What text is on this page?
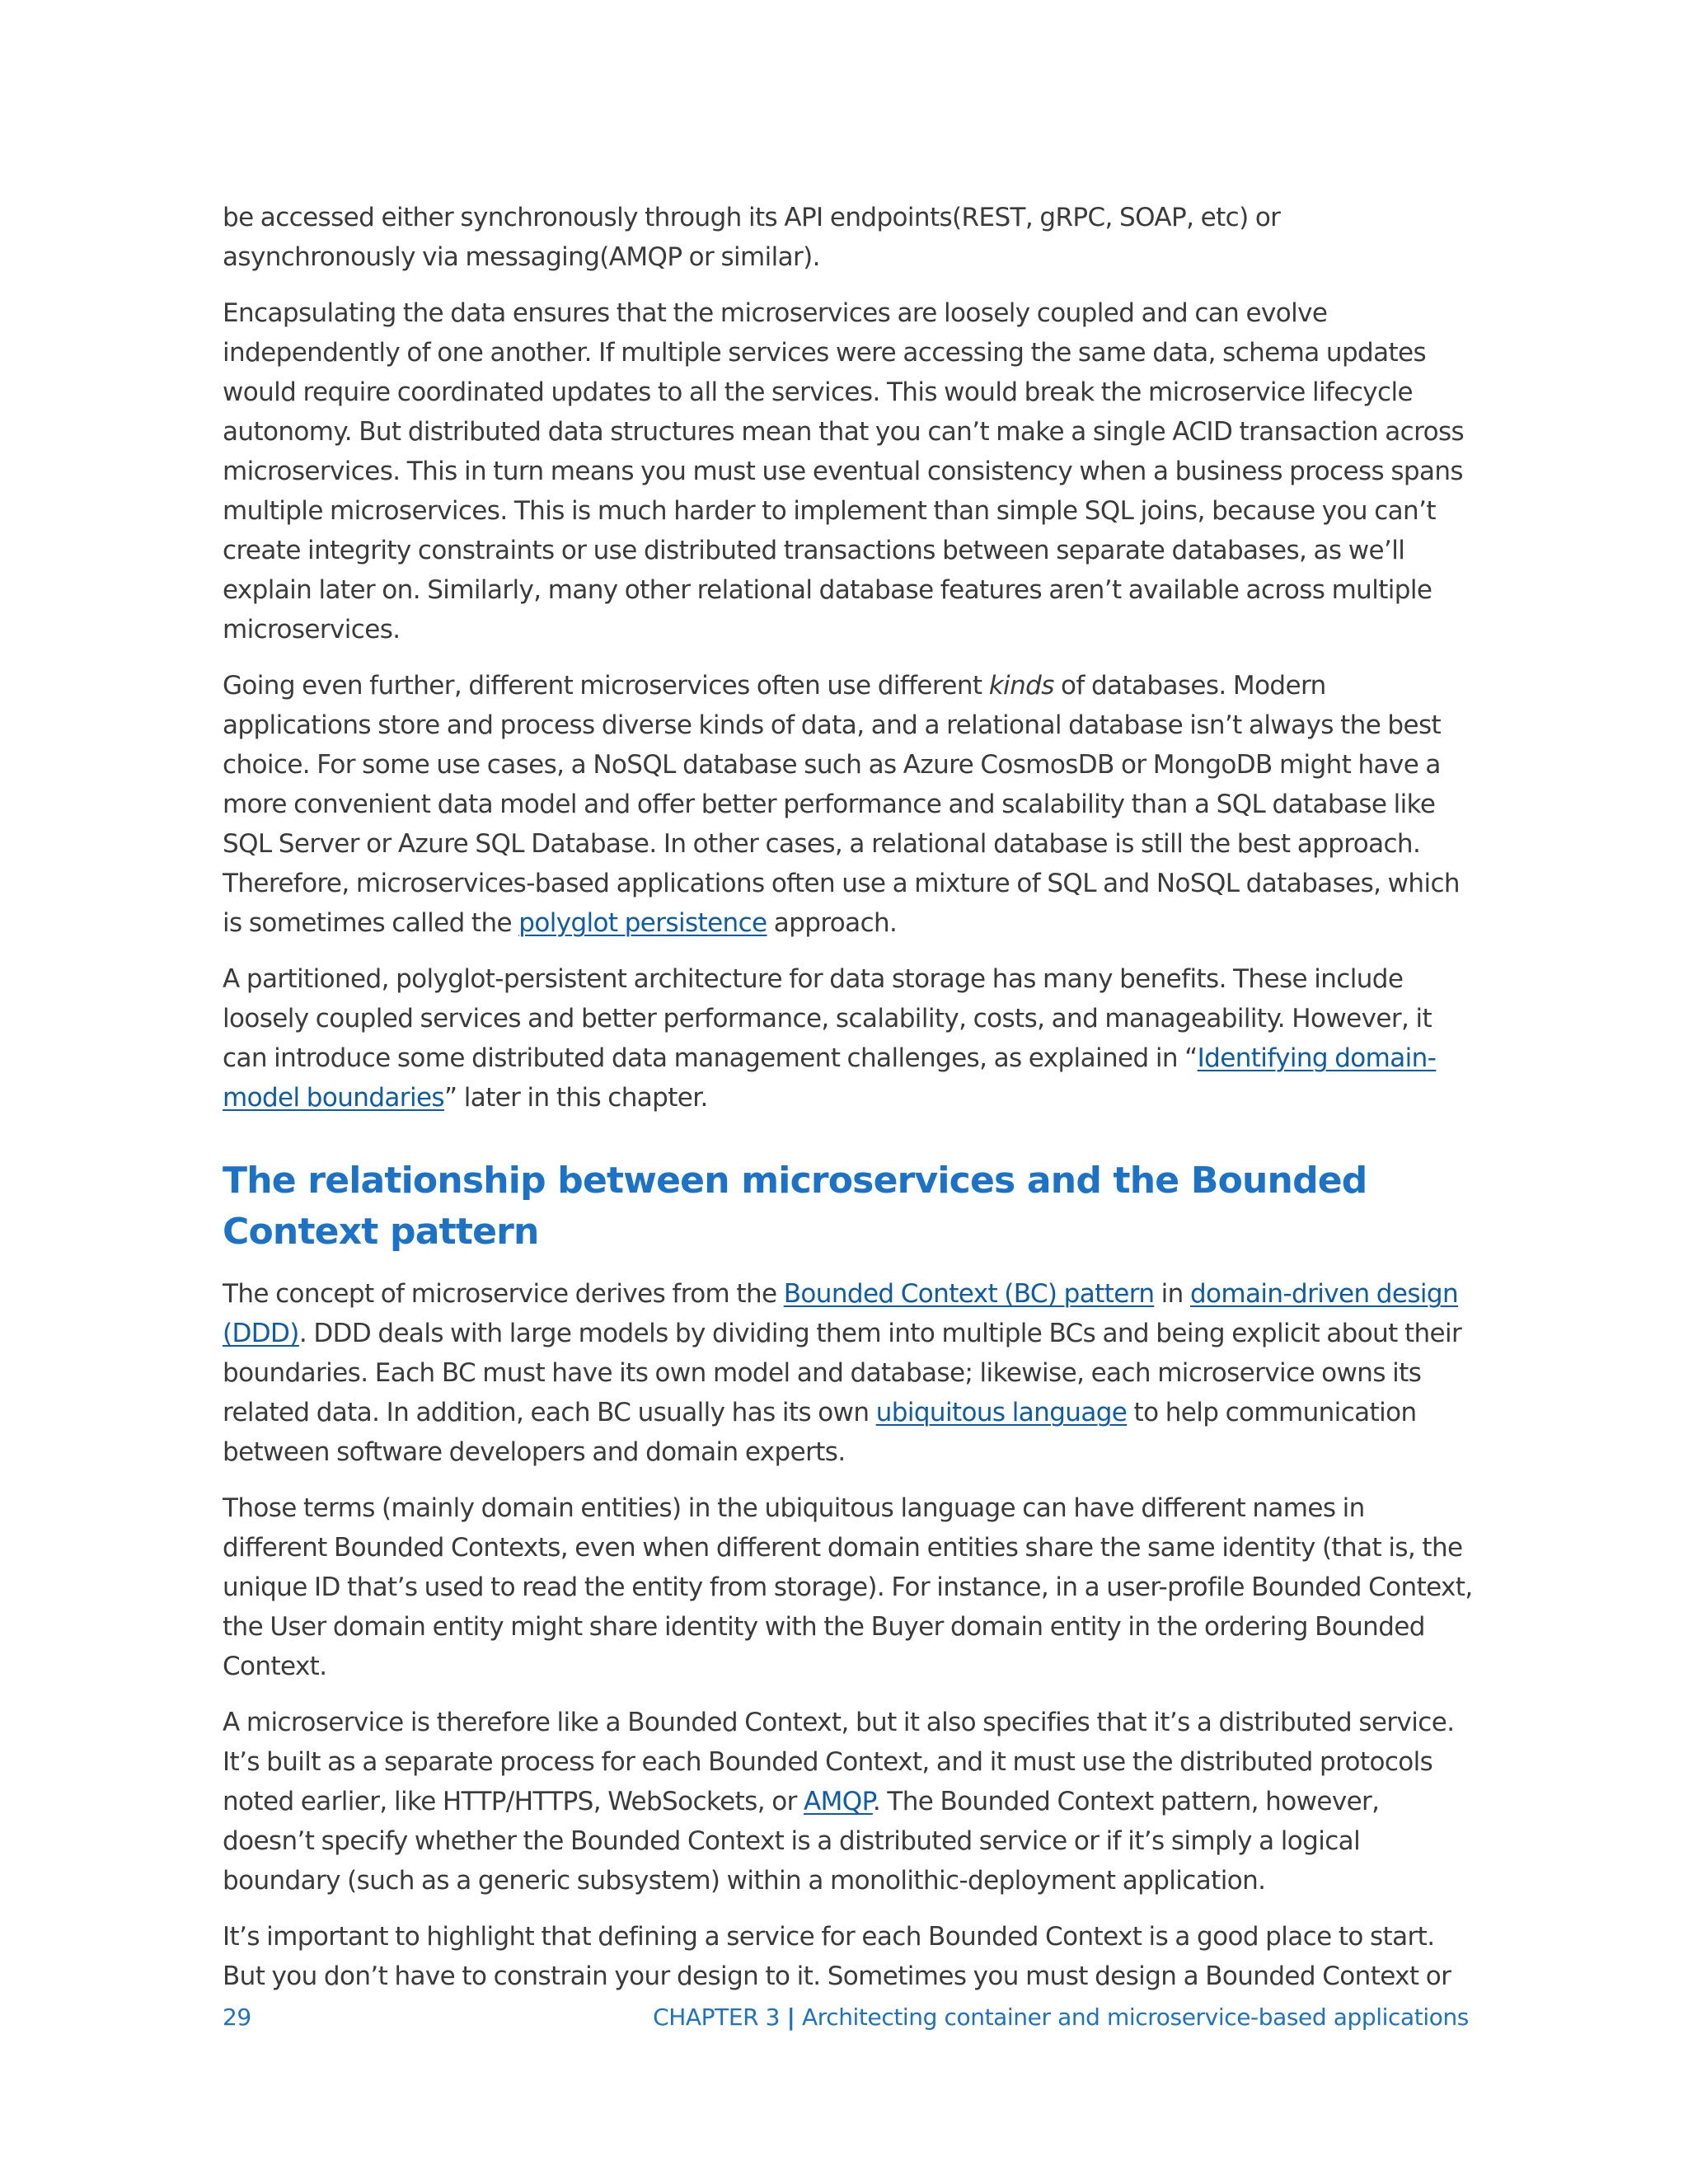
be accessed either synchronously through its API endpoints(REST, gRPC, SOAP, etc) or asynchronously via messaging(AMQP or similar).

Encapsulating the data ensures that the microservices are loosely coupled and can evolve independently of one another. If multiple services were accessing the same data, schema updates would require coordinated updates to all the services. This would break the microservice lifecycle autonomy. But distributed data structures mean that you can’t make a single ACID transaction across microservices. This in turn means you must use eventual consistency when a business process spans multiple microservices. This is much harder to implement than simple SQL joins, because you can’t create integrity constraints or use distributed transactions between separate databases, as we’ll explain later on. Similarly, many other relational database features aren’t available across multiple microservices.

Going even further, different microservices often use different kinds of databases. Modern applications store and process diverse kinds of data, and a relational database isn’t always the best choice. For some use cases, a NoSQL database such as Azure CosmosDB or MongoDB might have a more convenient data model and offer better performance and scalability than a SQL database like SQL Server or Azure SQL Database. In other cases, a relational database is still the best approach. Therefore, microservices-based applications often use a mixture of SQL and NoSQL databases, which is sometimes called the polyglot persistence approach.

A partitioned, polyglot-persistent architecture for data storage has many benefits. These include loosely coupled services and better performance, scalability, costs, and manageability. However, it can introduce some distributed data management challenges, as explained in “Identifying domain-model boundaries” later in this chapter.

The relationship between microservices and the Bounded Context pattern

The concept of microservice derives from the Bounded Context (BC) pattern in domain-driven design (DDD). DDD deals with large models by dividing them into multiple BCs and being explicit about their boundaries. Each BC must have its own model and database; likewise, each microservice owns its related data. In addition, each BC usually has its own ubiquitous language to help communication between software developers and domain experts.

Those terms (mainly domain entities) in the ubiquitous language can have different names in different Bounded Contexts, even when different domain entities share the same identity (that is, the unique ID that’s used to read the entity from storage). For instance, in a user-profile Bounded Context, the User domain entity might share identity with the Buyer domain entity in the ordering Bounded Context.

A microservice is therefore like a Bounded Context, but it also specifies that it’s a distributed service. It’s built as a separate process for each Bounded Context, and it must use the distributed protocols noted earlier, like HTTP/HTTPS, WebSockets, or AMQP. The Bounded Context pattern, however, doesn’t specify whether the Bounded Context is a distributed service or if it’s simply a logical boundary (such as a generic subsystem) within a monolithic-deployment application.

It’s important to highlight that defining a service for each Bounded Context is a good place to start. But you don’t have to constrain your design to it. Sometimes you must design a Bounded Context or

29	CHAPTER 3 | Architecting container and microservice-based applications
